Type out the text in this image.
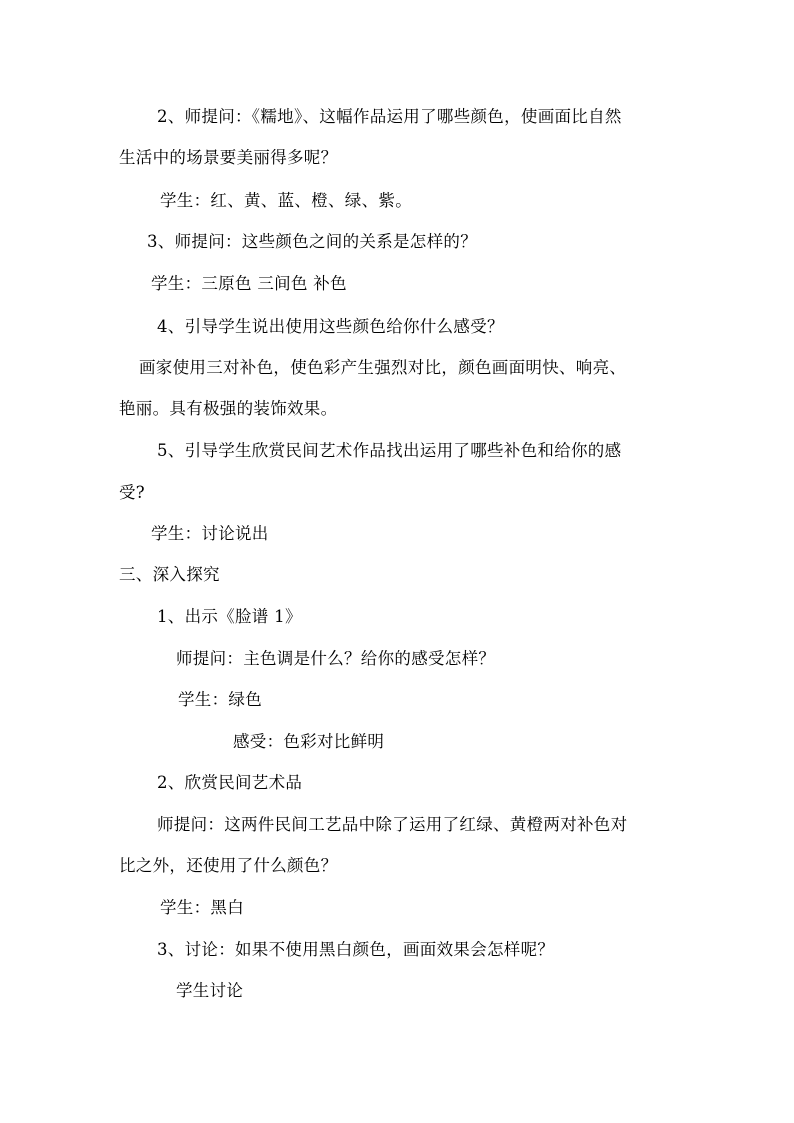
2、师提问：《糯地》、这幅作品运用了哪些颜色，使画面比自然
生活中的场景要美丽得多呢？
学生：红、黄、蓝、橙、绿、紫。
3、师提问：这些颜色之间的关系是怎样的？
学生：三原色 三间色 补色
4、引导学生说出使用这些颜色给你什么感受？
画家使用三对补色，使色彩产生强烈对比，颜色画面明快、响亮、
艳丽。具有极强的装饰效果。
5、引导学生欣赏民间艺术作品找出运用了哪些补色和给你的感
受?
学生：讨论说出
三、深入探究
1、出示《脸谱 1》
师提问：主色调是什么？给你的感受怎样？
学生：绿色
感受：色彩对比鲜明
2、欣赏民间艺术品
师提问：这两件民间工艺品中除了运用了红绿、黄橙两对补色对
比之外，还使用了什么颜色？
学生：黑白
3、讨论：如果不使用黑白颜色，画面效果会怎样呢？
学生讨论
